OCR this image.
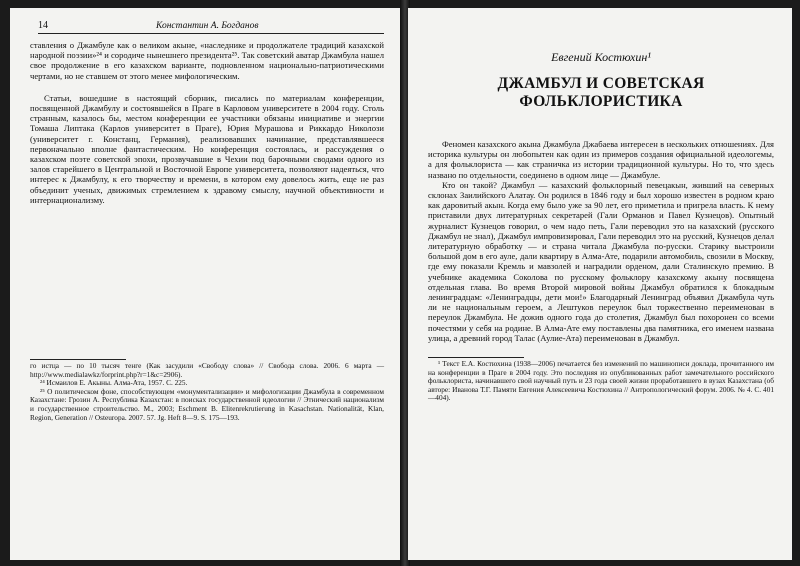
14	Константин А. Богданов

ставления о Джамбуле как о великом акыне, «наследнике и продолжателе традиций казахской народной поэзии»²⁴ и сородиче нынешнего президента²⁵. Так советский аватар Джамбула нашел свое продолжение в его казахском варианте, подновленном национально-патриотическими чертами, но не ставшем от этого менее мифологическим.

Статьи, вошедшие в настоящий сборник, писались по материалам конференции, посвященной Джамбулу и состоявшейся в Праге в Карловом университете в 2004 году. Столь странным, казалось бы, местом конференции ее участники обязаны инициативе и энергии Томаша Липтака (Карлов университет в Праге), Юрия Мурашова и Риккардо Николози (университет г. Констанц, Германия), реализовавших начинание, представлявшееся первоначально вполне фантастическим. Но конференция состоялась, и рассуждения о казахском поэте советской эпохи, прозвучавшие в Чехии под барочными сводами одного из залов старейшего в Центральной и Восточной Европе университета, позволяют надеяться, что интерес к Джамбулу, к его творчеству и времени, в котором ему довелось жить, еще не раз объединит ученых, движимых стремлением к здравому смыслу, научной объективности и интернационализму.

го истца — по 10 тысяч тенге (Как засудили «Свободу слова» // Свобода слова. 2006. 6 марта — http://www.medialawkz/forprint.php?r=1&c=2906).

²⁴ Исмаилов Е. Акыны. Алма-Ата, 1957. С. 225.

²⁵ О политическом фоне, способствующем «монументализации» и мифологизации Джамбула в современном Казахстане: Грозин А. Республика Казахстан: в поисках государственной идеологии // Этнический национализм и государственное строительство. М., 2003; Eschment B. Elitenrekrutierung in Kasachstan. Nationalität, Klan, Region, Generation // Osteuropa. 2007. 57. Jg. Heft 8—9. S. 175—193.

Евгений Костюхин¹
ДЖАМБУЛ И СОВЕТСКАЯ ФОЛЬКЛОРИСТИКА

Феномен казахского акына Джамбула Джабаева интересен в нескольких отношениях. Для историка культуры он любопытен как один из примеров создания официальной идеологемы, а для фольклориста — как страничка из истории традиционной культуры. Но то, что здесь названо по отдельности, соединено в одном лице — Джамбуле.

Кто он такой? Джамбул — казахский фольклорный певецакын, живший на северных склонах Заилийского Алатау. Он родился в 1846 году и был хорошо известен в родном краю как даровитый акын. Когда ему было уже за 90 лет, его приметила и пригрела власть. К нему приставили двух литературных секретарей (Гали Орманов и Павел Кузнецов). Опытный журналист Кузнецов говорил, о чем надо петь, Гали переводил это на казахский (русского Джамбул не знал), Джамбул импровизировал, Гали переводил это на русский, Кузнецов делал литературную обработку — и страна читала Джамбула по-русски. Старику выстроили большой дом в его ауле, дали квартиру в Алма-Ате, подарили автомобиль, свозили в Москву, где ему показали Кремль и мавзолей и наградили орденом, дали Сталинскую премию. В учебнике академика Соколова по русскому фольклору казахскому акыну посвящена отдельная глава. Во время Второй мировой войны Джамбул обратился к блокадным ленинградцам: «Ленинградцы, дети мои!» Благодарный Ленинград объявил Джамбула чуть ли не национальным героем, а Лештуков переулок был торжественно переименован в переулок Джамбула. Не дожив одного года до столетия, Джамбул был похоронен со всеми почестями у себя на родине. В Алма-Ате ему поставлены два памятника, его именем названа улица, а древний город Талас (Аулие-Ата) переименован в Джамбул.

¹ Текст Е.А. Костюхина (1938—2006) печатается без изменений по машинописи доклада, прочитанного им на конференции в Праге в 2004 году. Это последняя из опубликованных работ замечательного российского фольклориста, начинавшего свой научный путь и 23 года своей жизни проработавшего в вузах Казахстана (об авторе: Иванова Т.Г. Памяти Евгения Алексеевича Костюхина // Антропологический форум. 2006. № 4. С. 401—404).
